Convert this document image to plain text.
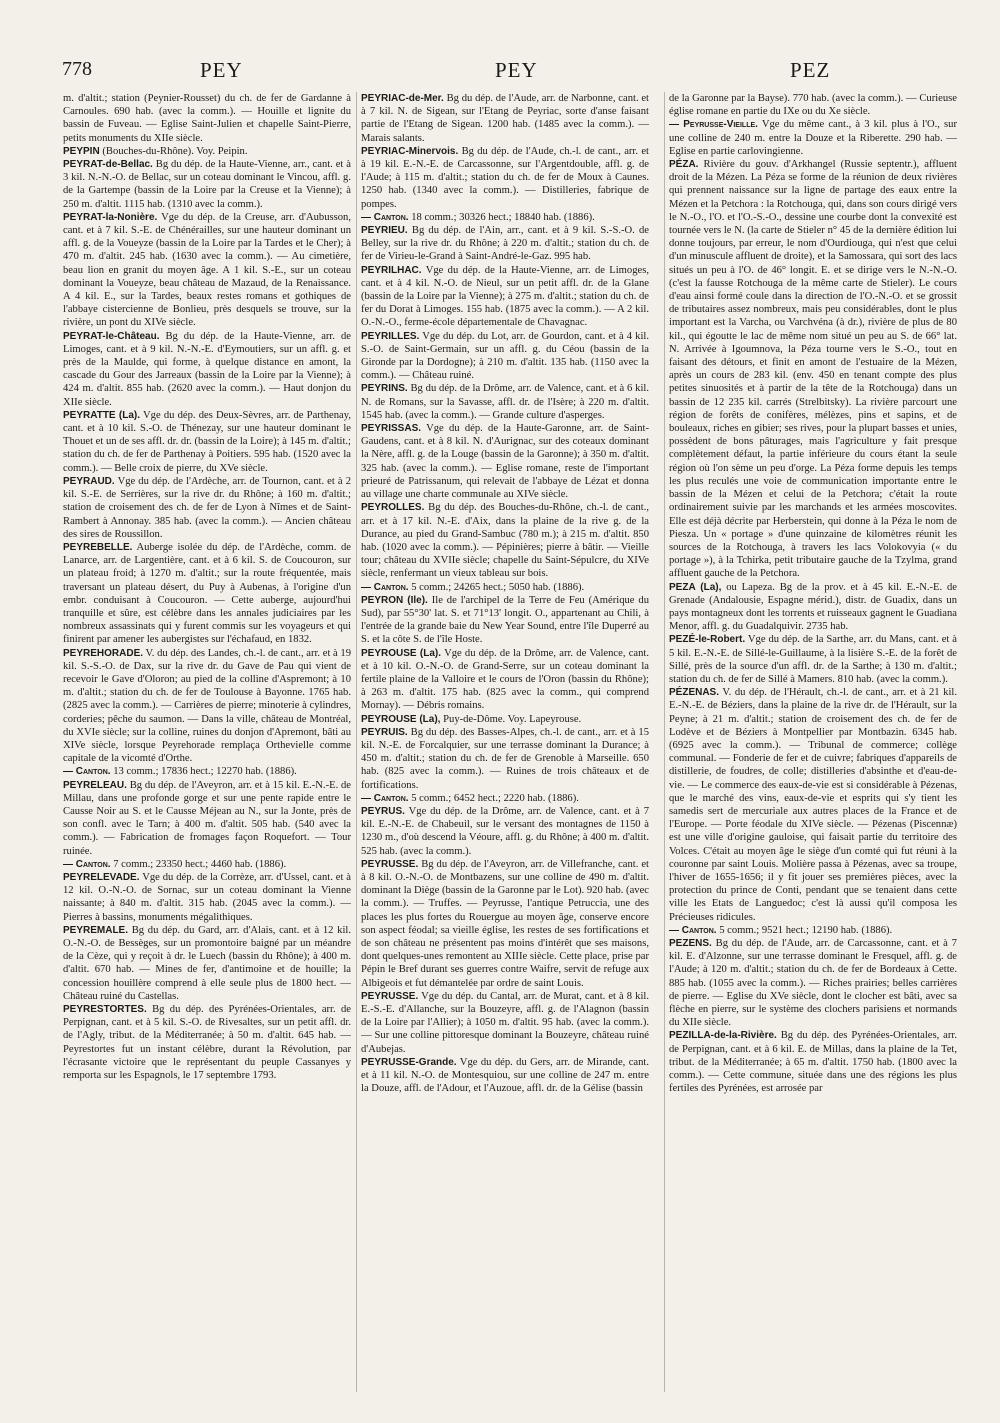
778	PEY	PEY	PEZ

m. d'altit.; station (Peynier-Rousset) du ch. de fer de Gardanne à Carnoules. 690 hab. (avec la comm.). — Houille et lignite du bassin de Fuveau. — Eglise Saint-Julien et chapelle Saint-Pierre, petits monuments du XIIe siècle.

PEYPIN (Bouches-du-Rhône). Voy. Peipin.

PEYRAT-de-Bellac. Bg du dép. de la Haute-Vienne, arr., cant. et à 3 kil. N.-N.-O. de Bellac, sur un coteau dominant le Vincou, affl. g. de la Gartempe (bassin de la Loire par la Creuse et la Vienne); à 250 m. d'altit. 1115 hab. (1310 avec la comm.).

PEYRAT-la-Nonière. Vge du dép. de la Creuse, arr. d'Aubusson, cant. et à 7 kil. S.-E. de Chénérailles, sur une hauteur dominant un affl. g. de la Voueyze (bassin de la Loire par la Tardes et le Cher); à 470 m. d'altit. 245 hab. (1630 avec la comm.). — Au cimetière, beau lion en granit du moyen âge. A 1 kil. S.-E., sur un coteau dominant la Voueyze, beau château de Mazaud, de la Renaissance. A 4 kil. E., sur la Tardes, beaux restes romans et gothiques de l'abbaye cistercienne de Bonlieu, près desquels se trouve, sur la rivière, un pont du XIVe siècle.

PEYRAT-le-Château. Bg du dép. de la Haute-Vienne, arr. de Limoges, cant. et à 9 kil. N.-N.-E. d'Eymoutiers, sur un affl. g. et près de la Maulde, qui forme, à quelque distance en amont, la cascade du Gour des Jarreaux (bassin de la Loire par la Vienne); à 424 m. d'altit. 855 hab. (2620 avec la comm.). — Haut donjon du XIIe siècle.

PEYRATTE (La). Vge du dép. des Deux-Sèvres, arr. de Parthenay, cant. et à 10 kil. S.-O. de Thénezay, sur une hauteur dominant le Thouet et un de ses affl. dr. dr. (bassin de la Loire); à 145 m. d'altit.; station du ch. de fer de Parthenay à Poitiers. 595 hab. (1520 avec la comm.). — Belle croix de pierre, du XVe siècle.

PEYRAUD. Vge du dép. de l'Ardèche, arr. de Tournon, cant. et à 2 kil. S.-E. de Serrières, sur la rive dr. du Rhône; à 160 m. d'altit.; station de croisement des ch. de fer de Lyon à Nîmes et de Saint-Rambert à Annonay. 385 hab. (avec la comm.). — Ancien château des sires de Roussillon.

PEYREBELLE. Auberge isolée du dép. de l'Ardèche, comm. de Lanarce, arr. de Largentière, cant. et à 6 kil. S. de Coucouron, sur un plateau froid; à 1270 m. d'altit.; sur la route fréquentée, mais traversant un plateau désert, du Puy à Aubenas, à l'origine d'un embr. conduisant à Coucouron. — Cette auberge, aujourd'hui tranquille et sûre, est célèbre dans les annales judiciaires par les nombreux assassinats qui y furent commis sur les voyageurs et qui finirent par amener les aubergistes sur l'échafaud, en 1832.

PEYREHORADE. V. du dép. des Landes, ch.-l. de cant., arr. et à 19 kil. S.-S.-O. de Dax, sur la rive dr. du Gave de Pau qui vient de recevoir le Gave d'Oloron; au pied de la colline d'Aspremont; à 10 m. d'altit.; station du ch. de fer de Toulouse à Bayonne. 1765 hab. (2825 avec la comm.). — Carrières de pierre; minoterie à cylindres, corderies; pêche du saumon. — Dans la ville, château de Montréal, du XVIe siècle; sur la colline, ruines du donjon d'Apremont, bâti au XIVe siècle, lorsque Peyrehorade remplaça Orthevielle comme capitale de la vicomté d'Orthe.

— Canton. 13 comm.; 17836 hect.; 12270 hab. (1886).

PEYRELEAU. Bg du dép. de l'Aveyron, arr. et à 15 kil. E.-N.-E. de Millau, dans une profonde gorge et sur une pente rapide entre le Causse Noir au S. et le Causse Méjean au N., sur la Jonte, près de son confl. avec le Tarn; à 400 m. d'altit. 505 hab. (540 avec la comm.). — Fabrication de fromages façon Roquefort. — Tour ruinée.

— Canton. 7 comm.; 23350 hect.; 4460 hab. (1886).

PEYRELEVADE. Vge du dép. de la Corrèze, arr. d'Ussel, cant. et à 12 kil. O.-N.-O. de Sornac, sur un coteau dominant la Vienne naissante; à 840 m. d'altit. 315 hab. (2045 avec la comm.). — Pierres à bassins, monuments mégalithiques.

PEYREMALE. Bg du dép. du Gard, arr. d'Alais, cant. et à 12 kil. O.-N.-O. de Bessèges, sur un promontoire baigné par un méandre de la Cèze, qui y reçoit à dr. le Luech (bassin du Rhône); à 400 m. d'altit. 670 hab. — Mines de fer, d'antimoine et de houille; la concession houillère comprend à elle seule plus de 1800 hect. — Château ruiné du Castellas.

PEYRESTORTES. Bg du dép. des Pyrénées-Orientales, arr. de Perpignan, cant. et à 5 kil. S.-O. de Rivesaltes, sur un petit affl. dr. de l'Agly, tribut. de la Méditerranée; à 50 m. d'altit. 645 hab. — Peyrestortes fut un instant célèbre, durant la Révolution, par l'écrasante victoire que le représentant du peuple Cassanyes y remporta sur les Espagnols, le 17 septembre 1793.

PEYRIAC-de-Mer. Bg du dép. de l'Aude, arr. de Narbonne, cant. et à 7 kil. N. de Sigean, sur l'Etang de Peyriac, sorte d'anse faisant partie de l'Etang de Sigean. 1200 hab. (1485 avec la comm.). — Marais salants.

PEYRIAC-Minervois. Bg du dép. de l'Aude, ch.-l. de cant., arr. et à 19 kil. E.-N.-E. de Carcassonne, sur l'Argentdouble, affl. g. de l'Aude; à 115 m. d'altit.; station du ch. de fer de Moux à Caunes. 1250 hab. (1340 avec la comm.). — Distilleries, fabrique de pompes.

— Canton. 18 comm.; 30326 hect.; 18840 hab. (1886).

PEYRIEU. Bg du dép. de l'Ain, arr., cant. et à 9 kil. S.-S.-O. de Belley, sur la rive dr. du Rhône; à 220 m. d'altit.; station du ch. de fer de Virieu-le-Grand à Saint-André-le-Gaz. 995 hab.

PEYRILHAC. Vge du dép. de la Haute-Vienne, arr. de Limoges, cant. et à 4 kil. N.-O. de Nieul, sur un petit affl. dr. de la Glane (bassin de la Loire par la Vienne); à 275 m. d'altit.; station du ch. de fer du Dorat à Limoges. 155 hab. (1875 avec la comm.). — A 2 kil. O.-N.-O., ferme-école départementale de Chavagnac.

PEYRILLES. Vge du dép. du Lot, arr. de Gourdon, cant. et à 4 kil. S.-O. de Saint-Germain, sur un affl. g. du Céou (bassin de la Gironde par la Dordogne); à 210 m. d'altit. 135 hab. (1150 avec la comm.). — Château ruiné.

PEYRINS. Bg du dép. de la Drôme, arr. de Valence, cant. et à 6 kil. N. de Romans, sur la Savasse, affl. dr. de l'Isère; à 220 m. d'altit. 1545 hab. (avec la comm.). — Grande culture d'asperges.

PEYRISSAS. Vge du dép. de la Haute-Garonne, arr. de Saint-Gaudens, cant. et à 8 kil. N. d'Aurignac, sur des coteaux dominant la Nère, affl. g. de la Louge (bassin de la Garonne); à 350 m. d'altit. 325 hab. (avec la comm.). — Eglise romane, reste de l'important prieuré de Patrissanum, qui relevait de l'abbaye de Lézat et donna au village une charte communale au XIVe siècle.

PEYROLLES. Bg du dép. des Bouches-du-Rhône, ch.-l. de cant., arr. et à 17 kil. N.-E. d'Aix, dans la plaine de la rive g. de la Durance, au pied du Grand-Sambuc (780 m.); à 215 m. d'altit. 850 hab. (1020 avec la comm.). — Pépinières; pierre à bâtir. — Vieille tour; château du XVIIe siècle; chapelle du Saint-Sépulcre, du XIVe siècle, renfermant un vieux tableau sur bois.

— Canton. 5 comm.; 24265 hect.; 5050 hab. (1886).

PEYRON (Ile). Ile de l'archipel de la Terre de Feu (Amérique du Sud), par 55°30' lat. S. et 71°13' longit. O., appartenant au Chili, à l'entrée de la grande baie du New Year Sound, entre l'île Duperré au S. et la côte S. de l'île Hoste.

PEYROUSE (La). Vge du dép. de la Drôme, arr. de Valence, cant. et à 10 kil. O.-N.-O. de Grand-Serre, sur un coteau dominant la fertile plaine de la Valloire et le cours de l'Oron (bassin du Rhône); à 263 m. d'altit. 175 hab. (825 avec la comm., qui comprend Mornay). — Débris romains.

PEYROUSE (La), Puy-de-Dôme. Voy. Lapeyrouse.

PEYRUIS. Bg du dép. des Basses-Alpes, ch.-l. de cant., arr. et à 15 kil. N.-E. de Forcalquier, sur une terrasse dominant la Durance; à 450 m. d'altit.; station du ch. de fer de Grenoble à Marseille. 650 hab. (825 avec la comm.). — Ruines de trois châteaux et de fortifications.

— Canton. 5 comm.; 6452 hect.; 2220 hab. (1886).

PEYRUS. Vge du dép. de la Drôme, arr. de Valence, cant. et à 7 kil. E.-N.-E. de Chabeuil, sur le versant des montagnes de 1150 à 1230 m., d'où descend la Véoure, affl. g. du Rhône; à 400 m. d'altit. 525 hab. (avec la comm.).

PEYRUSSE. Bg du dép. de l'Aveyron, arr. de Villefranche, cant. et à 8 kil. O.-N.-O. de Montbazens, sur une colline de 490 m. d'altit. dominant la Diège (bassin de la Garonne par le Lot). 920 hab. (avec la comm.). — Truffes. — Peyrusse, l'antique Petruccia, une des places les plus fortes du Rouergue au moyen âge, conserve encore son aspect féodal; sa vieille église, les restes de ses fortifications et de son château ne présentent pas moins d'intérêt que ses maisons, dont quelques-unes remontent au XIIIe siècle. Cette place, prise par Pépin le Bref durant ses guerres contre Waifre, servit de refuge aux Albigeois et fut démantelée par ordre de saint Louis.

PEYRUSSE. Vge du dép. du Cantal, arr. de Murat, cant. et à 8 kil. E.-S.-E. d'Allanche, sur la Bouzeyre, affl. g. de l'Alagnon (bassin de la Loire par l'Allier); à 1050 m. d'altit. 95 hab. (avec la comm.). — Sur une colline pittoresque dominant la Bouzeyre, château ruiné d'Aubejas.

PEYRUSSE-Grande. Vge du dép. du Gers, arr. de Mirande, cant. et à 11 kil. N.-O. de Montesquiou, sur une colline de 247 m. entre la Douze, affl. de l'Adour, et l'Auzoue, affl. dr. de la Gélise (bassin

de la Garonne par la Bayse). 770 hab. (avec la comm.). — Curieuse église romane en partie du IXe ou du Xe siècle.

— Peyrusse-Vieille. Vge du même cant., à 3 kil. plus à l'O., sur une colline de 240 m. entre la Douze et la Riberette. 290 hab. — Eglise en partie carlovingienne.

PÉZA. Rivière du gouv. d'Arkhangel (Russie septentr.), affluent droit de la Mézen. La Péza se forme de la réunion de deux rivières qui prennent naissance sur la ligne de partage des eaux entre la Mézen et la Petchora : la Rotchouga, qui, dans son cours dirigé vers le N.-O., l'O. et l'O.-S.-O., dessine une courbe dont la convexité est tournée vers le N. (la carte de Stieler n° 45 de la dernière édition lui donne toujours, par erreur, le nom d'Ourdiouga, qui n'est que celui d'un minuscule affluent de droite), et la Samossara, qui sort des lacs situés un peu à l'O. de 46° longit. E. et se dirige vers le N.-N.-O. (c'est la fausse Rotchouga de la même carte de Stieler). Le cours d'eau ainsi formé coule dans la direction de l'O.-N.-O. et se grossit de tributaires assez nombreux, mais peu considérables, dont le plus important est la Varcha, ou Varchvéna (à dr.), rivière de plus de 80 kil., qui égoutte le lac de même nom situé un peu au S. de 66° lat. N. Arrivée à Igoumnova, la Péza tourne vers le S.-O., tout en faisant des détours, et finit en amont de l'estuaire de la Mézen, après un cours de 283 kil. (env. 450 en tenant compte des plus petites sinuosités et à partir de la tête de la Rotchouga) dans un bassin de 12 235 kil. carrés (Strelbitsky). La rivière parcourt une région de forêts de conifères, mélèzes, pins et sapins, et de bouleaux, riches en gibier; ses rives, pour la plupart basses et unies, possèdent de bons pâturages, mais l'agriculture y fait presque complètement défaut, la partie inférieure du cours étant la seule région où l'on sème un peu d'orge. La Péza forme depuis les temps les plus reculés une voie de communication importante entre le bassin de la Mézen et celui de la Petchora; c'était la route ordinairement suivie par les marchands et les armées moscovites. Elle est déjà décrite par Herberstein, qui donne à la Péza le nom de Piesza. Un « portage » d'une quinzaine de kilomètres réunit les sources de la Rotchouga, à travers les lacs Volokovyia (« du portage »), à la Tchirka, petit tributaire gauche de la Tzylma, grand affluent gauche de la Petchora.

PEZA (La), ou Lapeza. Bg de la prov. et à 45 kil. E.-N.-E. de Grenade (Andalousie, Espagne mérid.), distr. de Guadix, dans un pays montagneux dont les torrents et ruisseaux gagnent le Guadiana Menor, affl. g. du Guadalquivir. 2735 hab.

PEZÉ-le-Robert. Vge du dép. de la Sarthe, arr. du Mans, cant. et à 5 kil. E.-N.-E. de Sillé-le-Guillaume, à la lisière S.-E. de la forêt de Sillé, près de la source d'un affl. dr. de la Sarthe; à 130 m. d'altit.; station du ch. de fer de Sillé à Mamers. 810 hab. (avec la comm.).

PÉZENAS. V. du dép. de l'Hérault, ch.-l. de cant., arr. et à 21 kil. E.-N.-E. de Béziers, dans la plaine de la rive dr. de l'Hérault, sur la Peyne; à 21 m. d'altit.; station de croisement des ch. de fer de Lodève et de Béziers à Montpellier par Montbazin. 6345 hab. (6925 avec la comm.). — Tribunal de commerce; collège communal. — Fonderie de fer et de cuivre; fabriques d'appareils de distillerie, de foudres, de colle; distilleries d'absinthe et d'eau-de-vie. — Le commerce des eaux-de-vie est si considérable à Pézenas, que le marché des vins, eaux-de-vie et esprits qui s'y tient les samedis sert de mercuriale aux autres places de la France et de l'Europe. — Porte féodale du XIVe siècle. — Pézenas (Piscennæ) est une ville d'origine gauloise, qui faisait partie du territoire des Volces. C'était au moyen âge le siège d'un comté qui fut réuni à la couronne par saint Louis. Molière passa à Pézenas, avec sa troupe, l'hiver de 1655-1656; il y fit jouer ses premières pièces, avec la protection du prince de Conti, pendant que se tenaient dans cette ville les Etats de Languedoc; c'est là aussi qu'il composa les Précieuses ridicules.

— Canton. 5 comm.; 9521 hect.; 12190 hab. (1886).

PEZENS. Bg du dép. de l'Aude, arr. de Carcassonne, cant. et à 7 kil. E. d'Alzonne, sur une terrasse dominant le Fresquel, affl. g. de l'Aude; à 120 m. d'altit.; station du ch. de fer de Bordeaux à Cette. 885 hab. (1055 avec la comm.). — Riches prairies; belles carrières de pierre. — Eglise du XVe siècle, dont le clocher est bâti, avec sa flèche en pierre, sur le système des clochers parisiens et normands du XIIe siècle.

PEZILLA-de-la-Rivière. Bg du dép. des Pyrénées-Orientales, arr. de Perpignan, cant. et à 6 kil. E. de Millas, dans la plaine de la Tet, tribut. de la Méditerranée; à 65 m. d'altit. 1750 hab. (1800 avec la comm.). — Cette commune, située dans une des régions les plus fertiles des Pyrénées, est arrosée par
